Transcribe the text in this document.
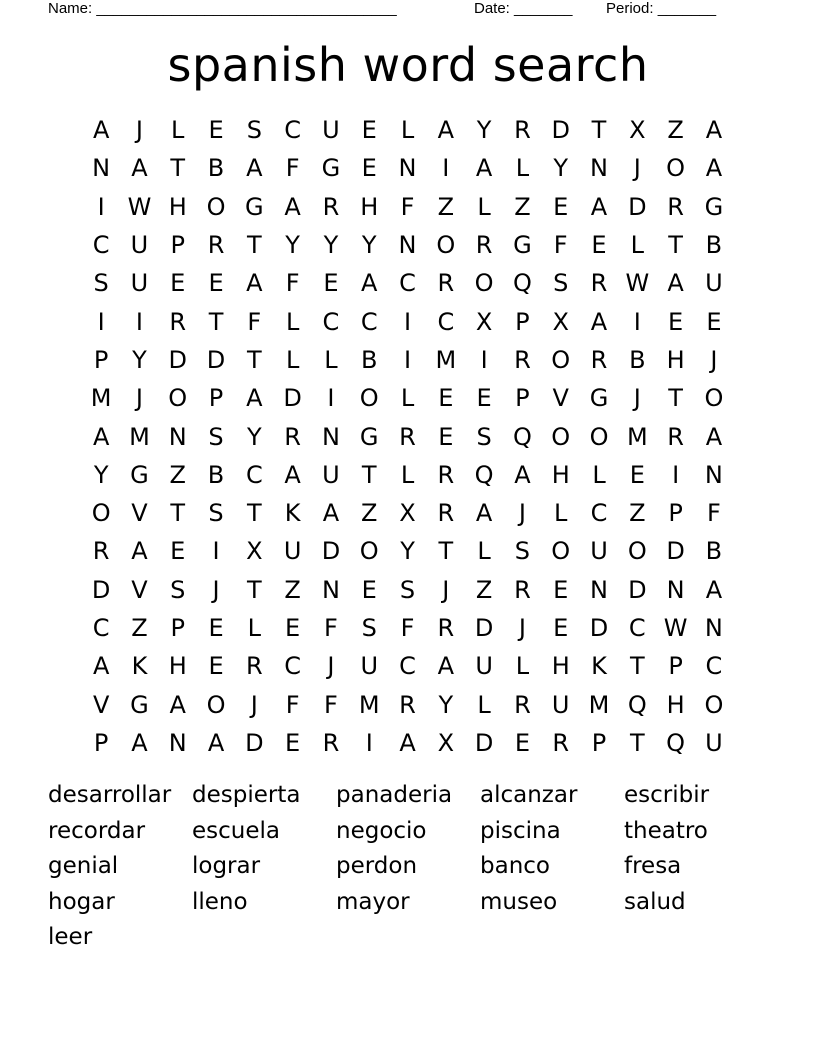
Name: ____________________________________	Date: _______ Period: _______
spanish word search
A	J	L	E S C U E	L A Y R D T X Z A
N A T B A F G E N	I	A L	Y N	J	O A
I W H O G A R H F Z L Z E A D R G
C U P R T Y Y Y N O R G F E	L	T B
S U E E A F E A C R O Q S R W A U
I	I	R T	F	L C C	I	C X P X A	I	E E
P Y D D T	L	L B	I	M	I	R O R B H	J
M	J	O P A D	I	O L	E E P V G	J	T O
A M N S Y R N G R E S Q O O M R A
Y G Z B C A U T	L R Q A H L	E	I	N
O V T S T K A Z X R A	J	L C Z P	F
R A E	I	X U D O Y T	L	S O U O D B
D V S	J	T Z N E S	J	Z R E N D N A
C Z P E	L	E F S F R D	J	E D C W N
A K H E R C	J	U C A U L H K T P C
V G A O	J	F	F M R Y	L R U M Q H O
P A N A D E R	I	A X D E R P T Q U
desarrollar despierta	panaderia	alcanzar	escribir
recordar	escuela	negocio	piscina	theatro
genial	lograr	perdon	banco	fresa
hogar	lleno	mayor	museo	salud
leer
